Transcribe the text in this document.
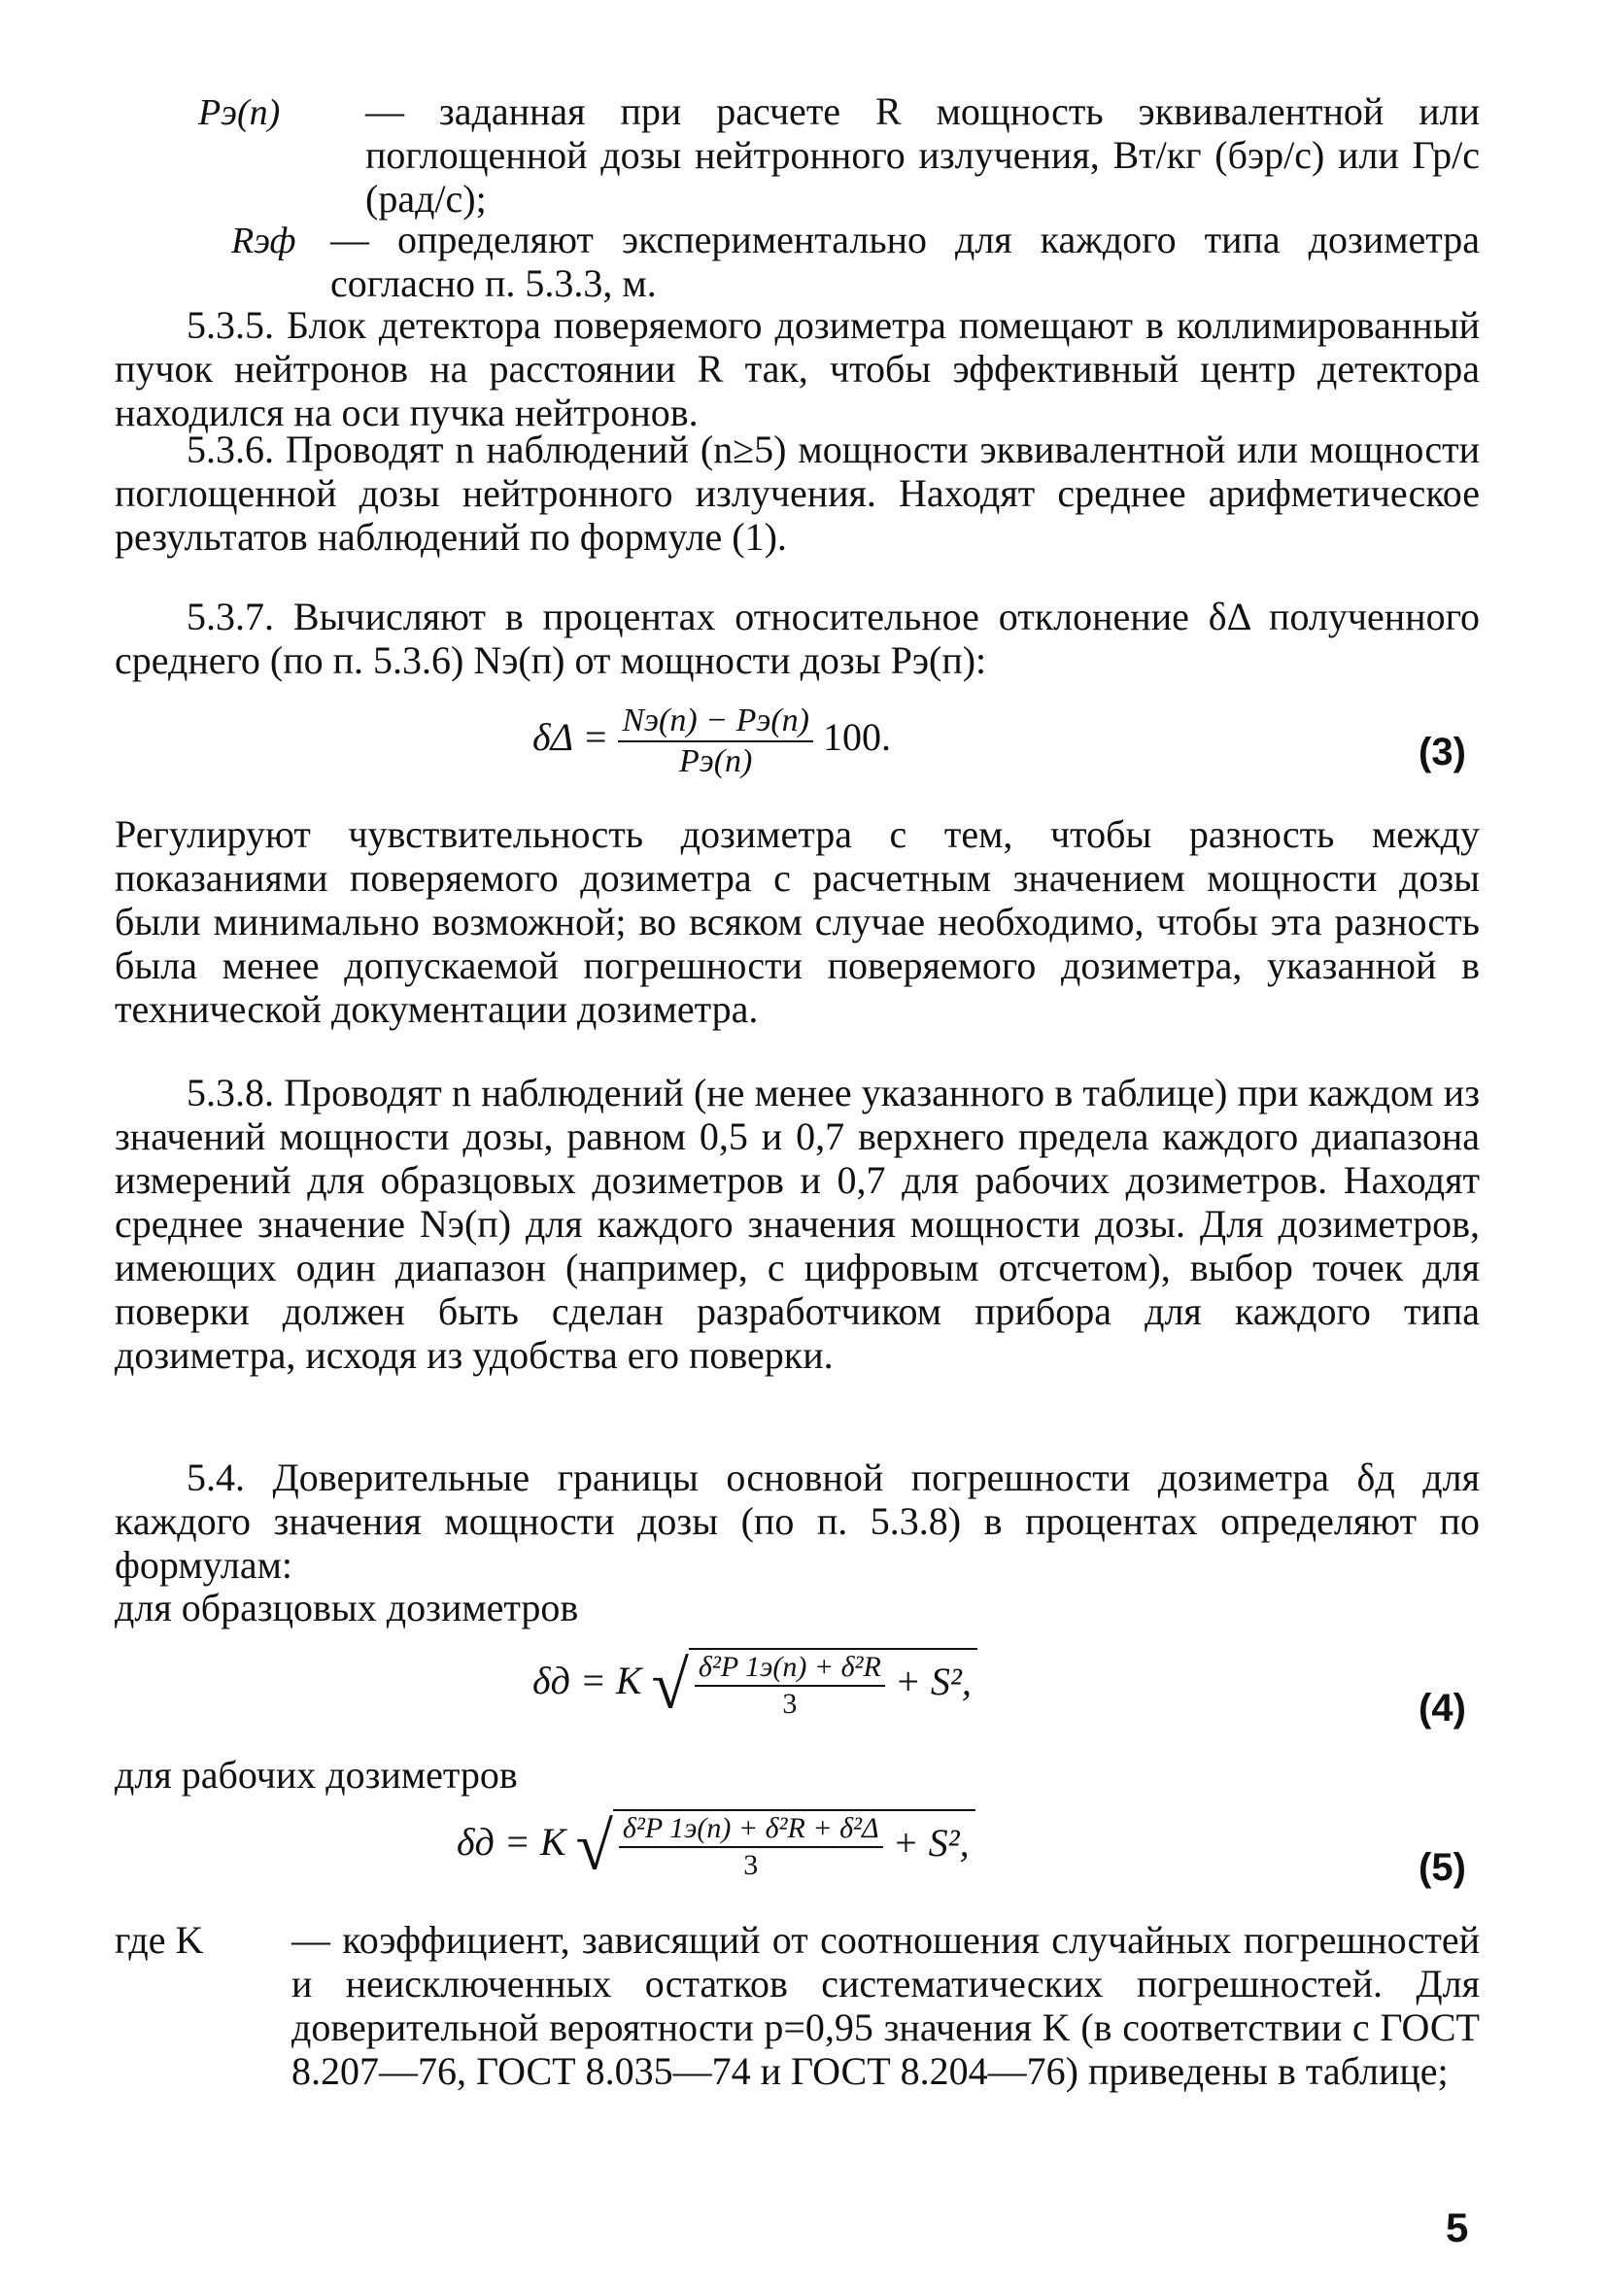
Pэ(п) — заданная при расчете R мощность эквивалентной или поглощенной дозы нейтронного излучения, Вт/кг (бэр/с) или Гр/с (рад/с);
Rэф — определяют экспериментально для каждого типа дозиметра согласно п. 5.3.3, м.

5.3.5. Блок детектора поверяемого дозиметра помещают в коллимированный пучок нейтронов на расстоянии R так, чтобы эффективный центр детектора находился на оси пучка нейтронов.

5.3.6. Проводят n наблюдений (n≥5) мощности эквивалентной или мощности поглощенной дозы нейтронного излучения. Находят среднее арифметическое результатов наблюдений по формуле (1).

5.3.7. Вычисляют в процентах относительное отклонение δΔ полученного среднего (по п. 5.3.6) Nэ(п) от мощности дозы Pэ(п):

$\delta\Delta = \frac{Nэ(п) - Pэ(п)}{Pэ(п)} 100$.	(3)

Регулируют чувствительность дозиметра с тем, чтобы разность между показаниями поверяемого дозиметра с расчетным значением мощности дозы были минимально возможной; во всяком случае необходимо, чтобы эта разность была менее допускаемой погрешности поверяемого дозиметра, указанной в технической документации дозиметра.

5.3.8. Проводят n наблюдений (не менее указанного в таблице) при каждом из значений мощности дозы, равном 0,5 и 0,7 верхнего предела каждого диапазона измерений для образцовых дозиметров и 0,7 для рабочих дозиметров. Находят среднее значение Nэ(п) для каждого значения мощности дозы. Для дозиметров, имеющих один диапазон (например, с цифровым отсчетом), выбор точек для поверки должен быть сделан разработчиком прибора для каждого типа дозиметра, исходя из удобства его поверки.

5.4. Доверительные границы основной погрешности дозиметра δд для каждого значения мощности дозы (по п. 5.3.8) в процентах определяют по формулам:

для образцовых дозиметров

δд = K √ $\frac{\text{δ²P 1э(п) + δ²R}}{3} + S^2$,
(4)

для рабочих дозиметров

δд = K √ $\frac{\text{δ²P 1э(п) + δ²R + δ²Δ}}{3} + S^2$,
(5)
где K — коэффициент, зависящий от соотношения случайных погрешностей и неисключенных остатков систематических погрешностей. Для доверительной вероятности p=0,95 значения K (в соответствии с ГОСТ 8.207—76, ГОСТ 8.035—74 и ГОСТ 8.204—76) приведены в таблице;
5
